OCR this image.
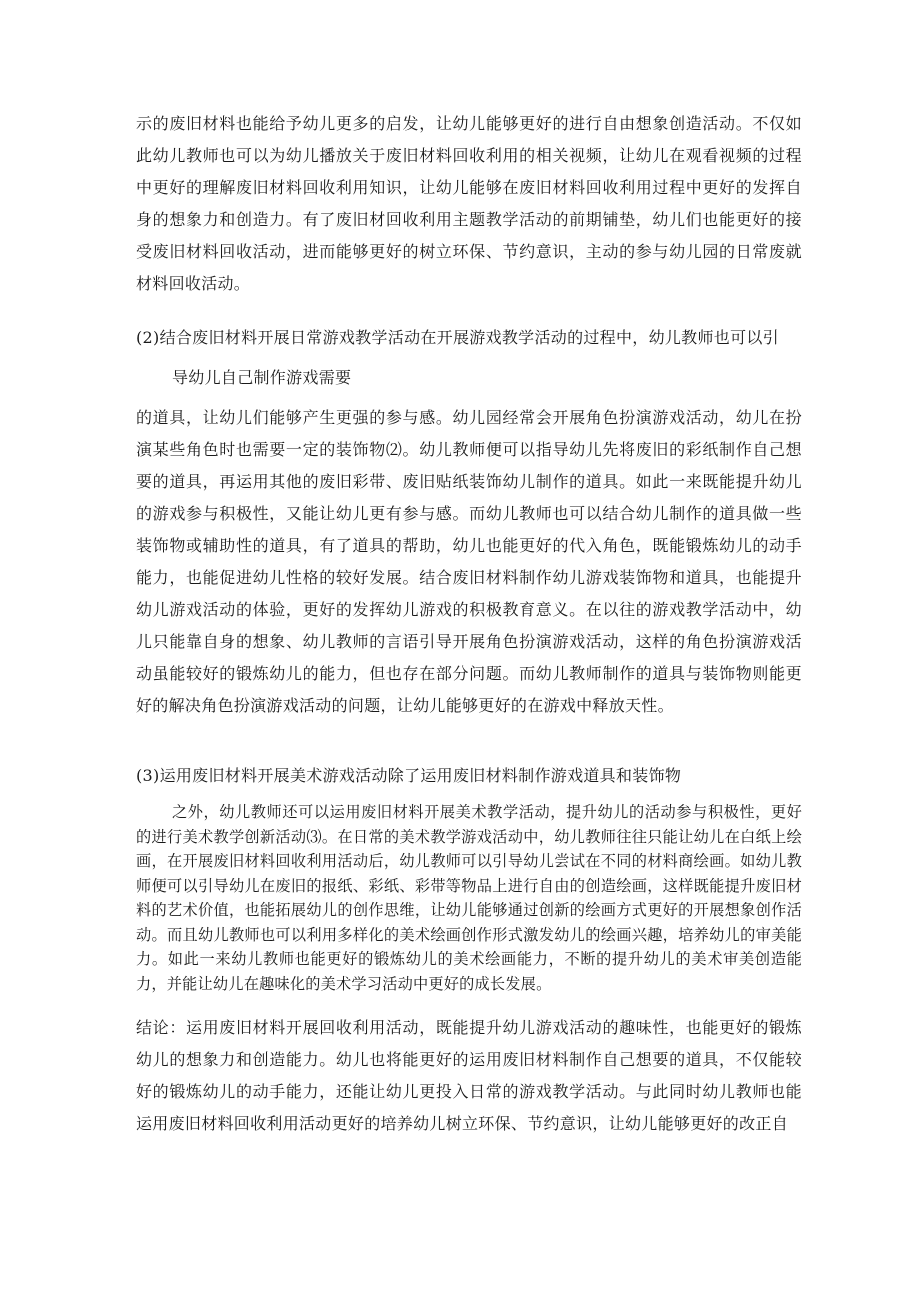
示的废旧材料也能给予幼儿更多的启发，让幼儿能够更好的进行自由想象创造活动。不仅如此幼儿教师也可以为幼儿播放关于废旧材料回收利用的相关视频，让幼儿在观看视频的过程中更好的理解废旧材料回收利用知识，让幼儿能够在废旧材料回收利用过程中更好的发挥自身的想象力和创造力。有了废旧材回收利用主题教学活动的前期铺垫，幼儿们也能更好的接受废旧材料回收活动，进而能够更好的树立环保、节约意识，主动的参与幼儿园的日常废就材料回收活动。

(2)结合废旧材料开展日常游戏教学活动在开展游戏教学活动的过程中，幼儿教师也可以引

导幼儿自己制作游戏需要

的道具，让幼儿们能够产生更强的参与感。幼儿园经常会开展角色扮演游戏活动，幼儿在扮演某些角色时也需要一定的装饰物⑵。幼儿教师便可以指导幼儿先将废旧的彩纸制作自己想要的道具，再运用其他的废旧彩带、废旧贴纸装饰幼儿制作的道具。如此一来既能提升幼儿的游戏参与积极性，又能让幼儿更有参与感。而幼儿教师也可以结合幼儿制作的道具做一些装饰物或辅助性的道具，有了道具的帮助，幼儿也能更好的代入角色，既能锻炼幼儿的动手能力，也能促进幼儿性格的较好发展。结合废旧材料制作幼儿游戏装饰物和道具，也能提升幼儿游戏活动的体验，更好的发挥幼儿游戏的积极教育意义。在以往的游戏教学活动中，幼儿只能靠自身的想象、幼儿教师的言语引导开展角色扮演游戏活动，这样的角色扮演游戏活动虽能较好的锻炼幼儿的能力，但也存在部分问题。而幼儿教师制作的道具与装饰物则能更好的解决角色扮演游戏活动的问题，让幼儿能够更好的在游戏中释放天性。

(3)运用废旧材料开展美术游戏活动除了运用废旧材料制作游戏道具和装饰物

之外，幼儿教师还可以运用废旧材料开展美术教学活动，提升幼儿的活动参与积极性，更好的进行美术教学创新活动⑶。在日常的美术教学游戏活动中，幼儿教师往往只能让幼儿在白纸上绘画，在开展废旧材料回收利用活动后，幼儿教师可以引导幼儿尝试在不同的材料商绘画。如幼儿教师便可以引导幼儿在废旧的报纸、彩纸、彩带等物品上进行自由的创造绘画，这样既能提升废旧材料的艺术价值，也能拓展幼儿的创作思维，让幼儿能够通过创新的绘画方式更好的开展想象创作活动。而且幼儿教师也可以利用多样化的美术绘画创作形式激发幼儿的绘画兴趣，培养幼儿的审美能力。如此一来幼儿教师也能更好的锻炼幼儿的美术绘画能力，不断的提升幼儿的美术审美创造能力，并能让幼儿在趣味化的美术学习活动中更好的成长发展。

结论：运用废旧材料开展回收利用活动，既能提升幼儿游戏活动的趣味性，也能更好的锻炼幼儿的想象力和创造能力。幼儿也将能更好的运用废旧材料制作自己想要的道具，不仅能较好的锻炼幼儿的动手能力，还能让幼儿更投入日常的游戏教学活动。与此同时幼儿教师也能运用废旧材料回收利用活动更好的培养幼儿树立环保、节约意识，让幼儿能够更好的改正自
